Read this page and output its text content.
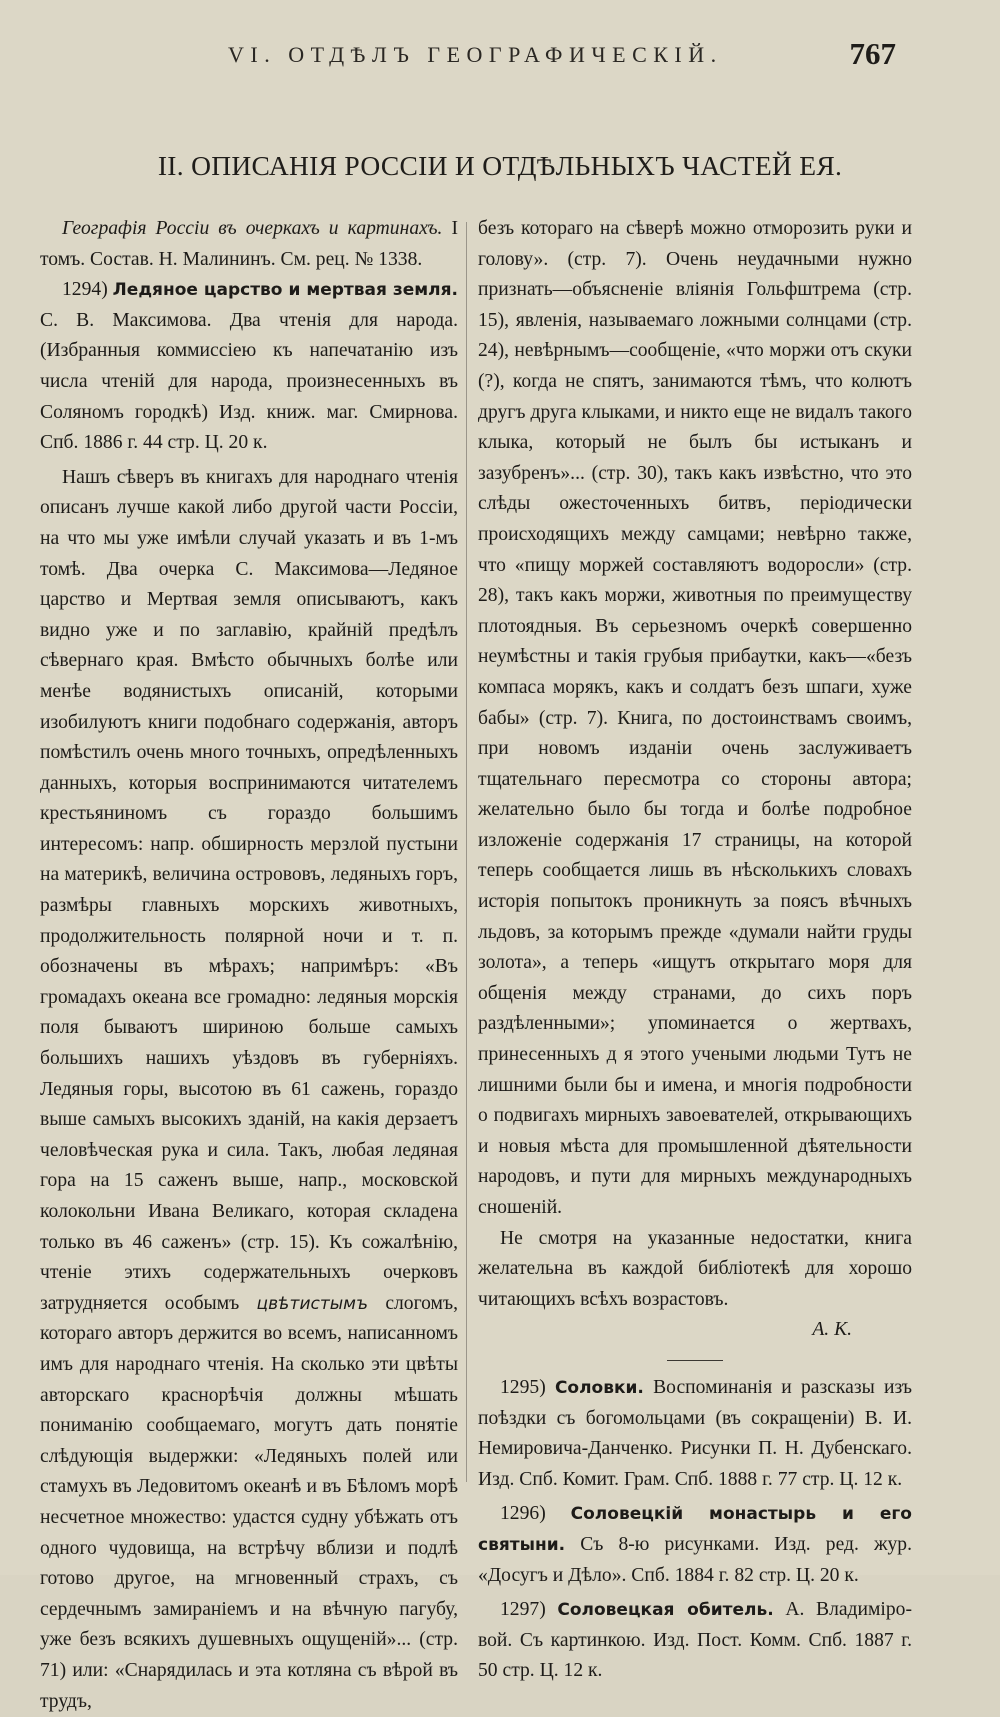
VI. ОТДѢЛЪ ГЕОГРАФИЧЕСКІЙ.	767
II. ОПИСАНІЯ РОССІИ И ОТДѢЛЬНЫХЪ ЧАСТЕЙ ЕЯ.

Географія Россіи въ очеркахъ и картинахъ. I томъ. Состав. Н. Малининъ. См. рец. № 1338.

1294) Ледяное царство и мертвая земля. С. В. Максимова. Два чтенія для народа. (Избранныя коммиссіею къ напечатанію изъ числа чтеній для народа, произнесенныхъ въ Соляномъ городкѣ) Изд. книж. маг. Смирнова. Спб. 1886 г. 44 стр. Ц. 20 к.

Нашъ сѣверъ въ книгахъ для народнаго чтенія описанъ лучше какой либо другой части Россіи, на что мы уже имѣли случай указать и въ 1-мъ томѣ. Два очерка С. Максимова—Ледяное царство и Мертвая земля описываютъ, какъ видно уже и по заглавію, крайній предѣлъ сѣвернаго края. Вмѣсто обычныхъ болѣе или менѣе водянистыхъ описаній, которыми изобилуютъ книги подобнаго содержанія, авторъ помѣстилъ очень много точныхъ, опредѣленныхъ данныхъ, которыя воспринимаются читателемъ крестьяниномъ съ гораздо большимъ интересомъ: напр. обширность мерзлой пустыни на материкѣ, величина острововъ, ледяныхъ горъ, размѣры главныхъ морскихъ животныхъ, продолжительность полярной ночи и т. п. обозначены въ мѣрахъ; напримѣръ: «Въ громадахъ океана все громадно: ледяныя морскія поля бываютъ шириною больше самыхъ большихъ нашихъ уѣздовъ въ губерніяхъ. Ледяныя горы, высотою въ 61 сажень, гораздо выше самыхъ высокихъ зданій, на какія дерзаетъ человѣческая рука и сила. Такъ, любая ледяная гора на 15 саженъ выше, напр., московской колокольни Ивана Великаго, которая складена только въ 46 саженъ» (стр. 15). Къ сожалѣнію, чтеніе этихъ содержательныхъ очерковъ затрудняется особымъ цвѣтистымъ слогомъ, котораго авторъ держится во всемъ, написанномъ имъ для народнаго чтенія. На сколько эти цвѣты авторскаго краснорѣчія должны мѣшать пониманію сообщаемаго, могутъ дать понятіе слѣдующія выдержки: «Ледяныхъ полей или стамухъ въ Ледовитомъ океанѣ и въ Бѣломъ морѣ несчетное множество: удастся судну убѣжать отъ одного чудовища, на встрѣчу вблизи и подлѣ готово другое, на мгновенный страхъ, съ сердечнымъ замираніемъ и на вѣчную пагубу, уже безъ всякихъ душевныхъ ощущеній»... (стр. 71) или: «Снарядилась и эта котляна съ вѣрой въ трудъ,

безъ котораго на сѣверѣ можно отморозить руки и голову». (стр. 7). Очень неудачными нужно признать—объясненіе вліянія Гольфштрема (стр. 15), явленія, называемаго ложными солнцами (стр. 24), невѣрнымъ—сообщеніе, «что моржи отъ скуки (?), когда не спятъ, занимаются тѣмъ, что колютъ другъ друга клыками, и никто еще не видалъ такого клыка, который не былъ бы истыканъ и зазубренъ»... (стр. 30), такъ какъ извѣстно, что это слѣды ожесточенныхъ битвъ, періодически происходящихъ между самцами; невѣрно также, что «пищу моржей составляютъ водоросли» (стр. 28), такъ какъ моржи, животныя по преимуществу плотоядныя. Въ серьезномъ очеркѣ совершенно неумѣстны и такія грубыя прибаутки, какъ—«безъ компаса морякъ, какъ и солдатъ безъ шпаги, хуже бабы» (стр. 7). Книга, по достоинствамъ своимъ, при новомъ изданіи очень заслуживаетъ тщательнаго пересмотра со стороны автора; желательно было бы тогда и болѣе подробное изложеніе содержанія 17 страницы, на которой теперь сообщается лишь въ нѣсколькихъ словахъ исторія попытокъ проникнуть за поясъ вѣчныхъ льдовъ, за которымъ прежде «думали найти груды золота», а теперь «ищутъ открытаго моря для общенія между странами, до сихъ поръ раздѣленными»; упоминается о жертвахъ, принесенныхъ д я этого учеными людьми Тутъ не лишними были бы и имена, и многія подробности о подвигахъ мирныхъ завоевателей, открывающихъ и новыя мѣста для промышленной дѣятельности народовъ, и пути для мирныхъ международныхъ сношеній.

Не смотря на указанные недостатки, книга желательна въ каждой библіотекѣ для хорошо читающихъ всѣхъ возрастовъ.

А. К.

1295) Соловки. Воспоминанія и разсказы изъ поѣздки съ богомольцами (въ сокращеніи) В. И. Немировича-Данченко. Рисунки П. Н. Дубенскаго. Изд. Спб. Комит. Грам. Спб. 1888 г. 77 стр. Ц. 12 к.

1296) Соловецкій монастырь и его святыни. Съ 8-ю рисунками. Изд. ред. жур. «Досугъ и Дѣло». Спб. 1884 г. 82 стр. Ц. 20 к.

1297) Соловецкая обитель. А. Владимірo-вой. Съ картинкою. Изд. Пост. Комм. Спб. 1887 г. 50 стр. Ц. 12 к.
